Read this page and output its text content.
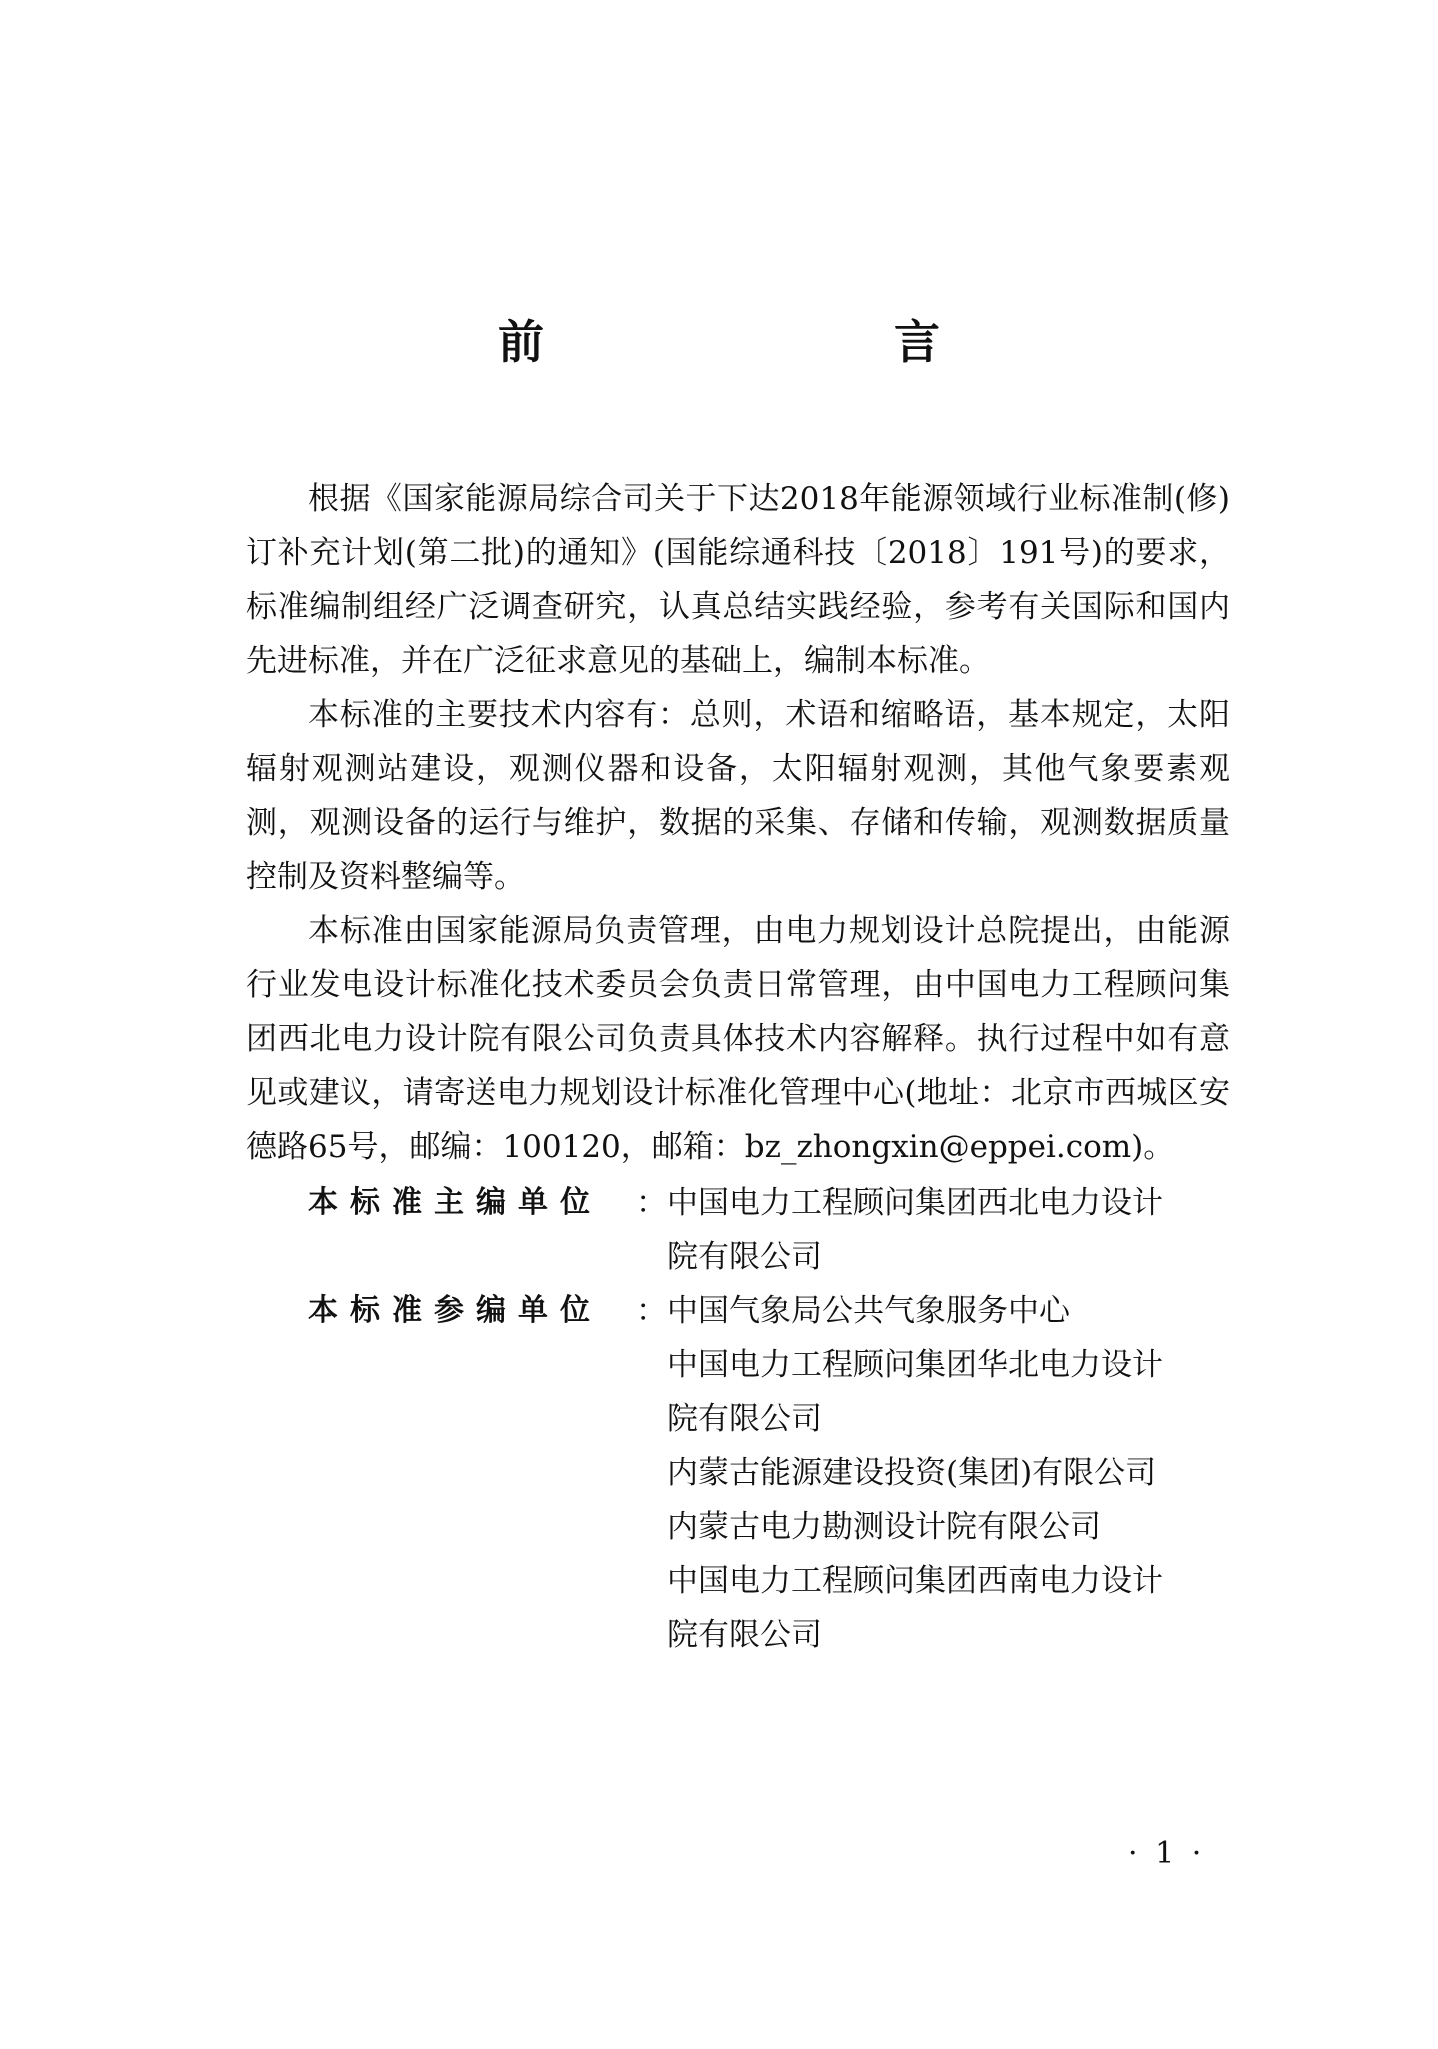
前　　言

根据《国家能源局综合司关于下达2018年能源领域行业标准制(修)订补充计划(第二批)的通知》(国能综通科技〔2018〕191号)的要求，标准编制组经广泛调查研究，认真总结实践经验，参考有关国际和国内先进标准，并在广泛征求意见的基础上，编制本标准。

本标准的主要技术内容有：总则，术语和缩略语，基本规定，太阳辐射观测站建设，观测仪器和设备，太阳辐射观测，其他气象要素观测，观测设备的运行与维护，数据的采集、存储和传输，观测数据质量控制及资料整编等。

本标准由国家能源局负责管理，由电力规划设计总院提出，由能源行业发电设计标准化技术委员会负责日常管理，由中国电力工程顾问集团西北电力设计院有限公司负责具体技术内容解释。执行过程中如有意见或建议，请寄送电力规划设计标准化管理中心(地址：北京市西城区安德路65号，邮编：100120，邮箱：bz_zhongxin@eppei.com)。

本标准主编单位	： 中国电力工程顾问集团西北电力设计
院有限公司
本标准参编单位	： 中国气象局公共气象服务中心
中国电力工程顾问集团华北电力设计
院有限公司
内蒙古能源建设投资(集团)有限公司
内蒙古电力勘测设计院有限公司
中国电力工程顾问集团西南电力设计
院有限公司
· 1 ·
